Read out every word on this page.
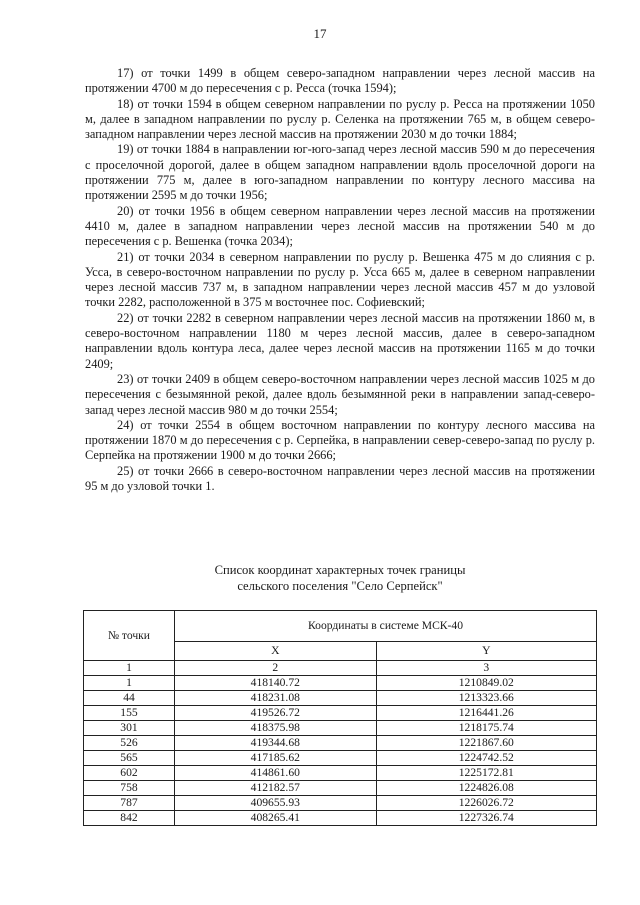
17

17) от точки 1499 в общем северо-западном направлении через лесной массив на протяжении 4700 м до пересечения с р. Ресса (точка 1594);

18) от точки 1594 в общем северном направлении по руслу р. Ресса на протяжении 1050 м, далее в западном направлении по руслу р. Селенка на протяжении 765 м, в общем северо-западном направлении через лесной массив на протяжении 2030 м до точки 1884;

19) от точки 1884 в направлении юг-юго-запад через лесной массив 590 м до пересечения с проселочной дорогой, далее в общем западном направлении вдоль проселочной дороги на протяжении 775 м, далее в юго-западном направлении по контуру лесного массива на протяжении 2595 м до точки 1956;

20) от точки 1956 в общем северном направлении через лесной массив на протяжении 4410 м, далее в западном направлении через лесной массив на протяжении 540 м до пересечения с р. Вешенка (точка 2034);

21) от точки 2034 в северном направлении по руслу р. Вешенка 475 м до слияния с р. Усса, в северо-восточном направлении по руслу р. Усса 665 м, далее в северном направлении через лесной массив 737 м, в западном направлении через лесной массив 457 м до узловой точки 2282, расположенной в 375 м восточнее пос. Софиевский;

22) от точки 2282 в северном направлении через лесной массив на протяжении 1860 м, в северо-восточном направлении 1180 м через лесной массив, далее в северо-западном направлении вдоль контура леса, далее через лесной массив на протяжении 1165 м до точки 2409;

23) от точки 2409 в общем северо-восточном направлении через лесной массив 1025 м до пересечения с безымянной рекой, далее вдоль безымянной реки в направлении запад-северо-запад через лесной массив 980 м до точки 2554;

24) от точки 2554 в общем восточном направлении по контуру лесного массива на протяжении 1870 м до пересечения с р. Серпейка, в направлении север-северо-запад по руслу р. Серпейка на протяжении 1900 м до точки 2666;

25) от точки 2666 в северо-восточном направлении через лесной массив на протяжении 95 м до узловой точки 1.

Список координат характерных точек границы
сельского поселения "Село Серпейск"
№ точки	Координаты в системе МСК-40	
	X	Y
1	2	3
1	418140.72	1210849.02
44	418231.08	1213323.66
155	419526.72	1216441.26
301	418375.98	1218175.74
526	419344.68	1221867.60
565	417185.62	1224742.52
602	414861.60	1225172.81
758	412182.57	1224826.08
787	409655.93	1226026.72
842	408265.41	1227326.74
